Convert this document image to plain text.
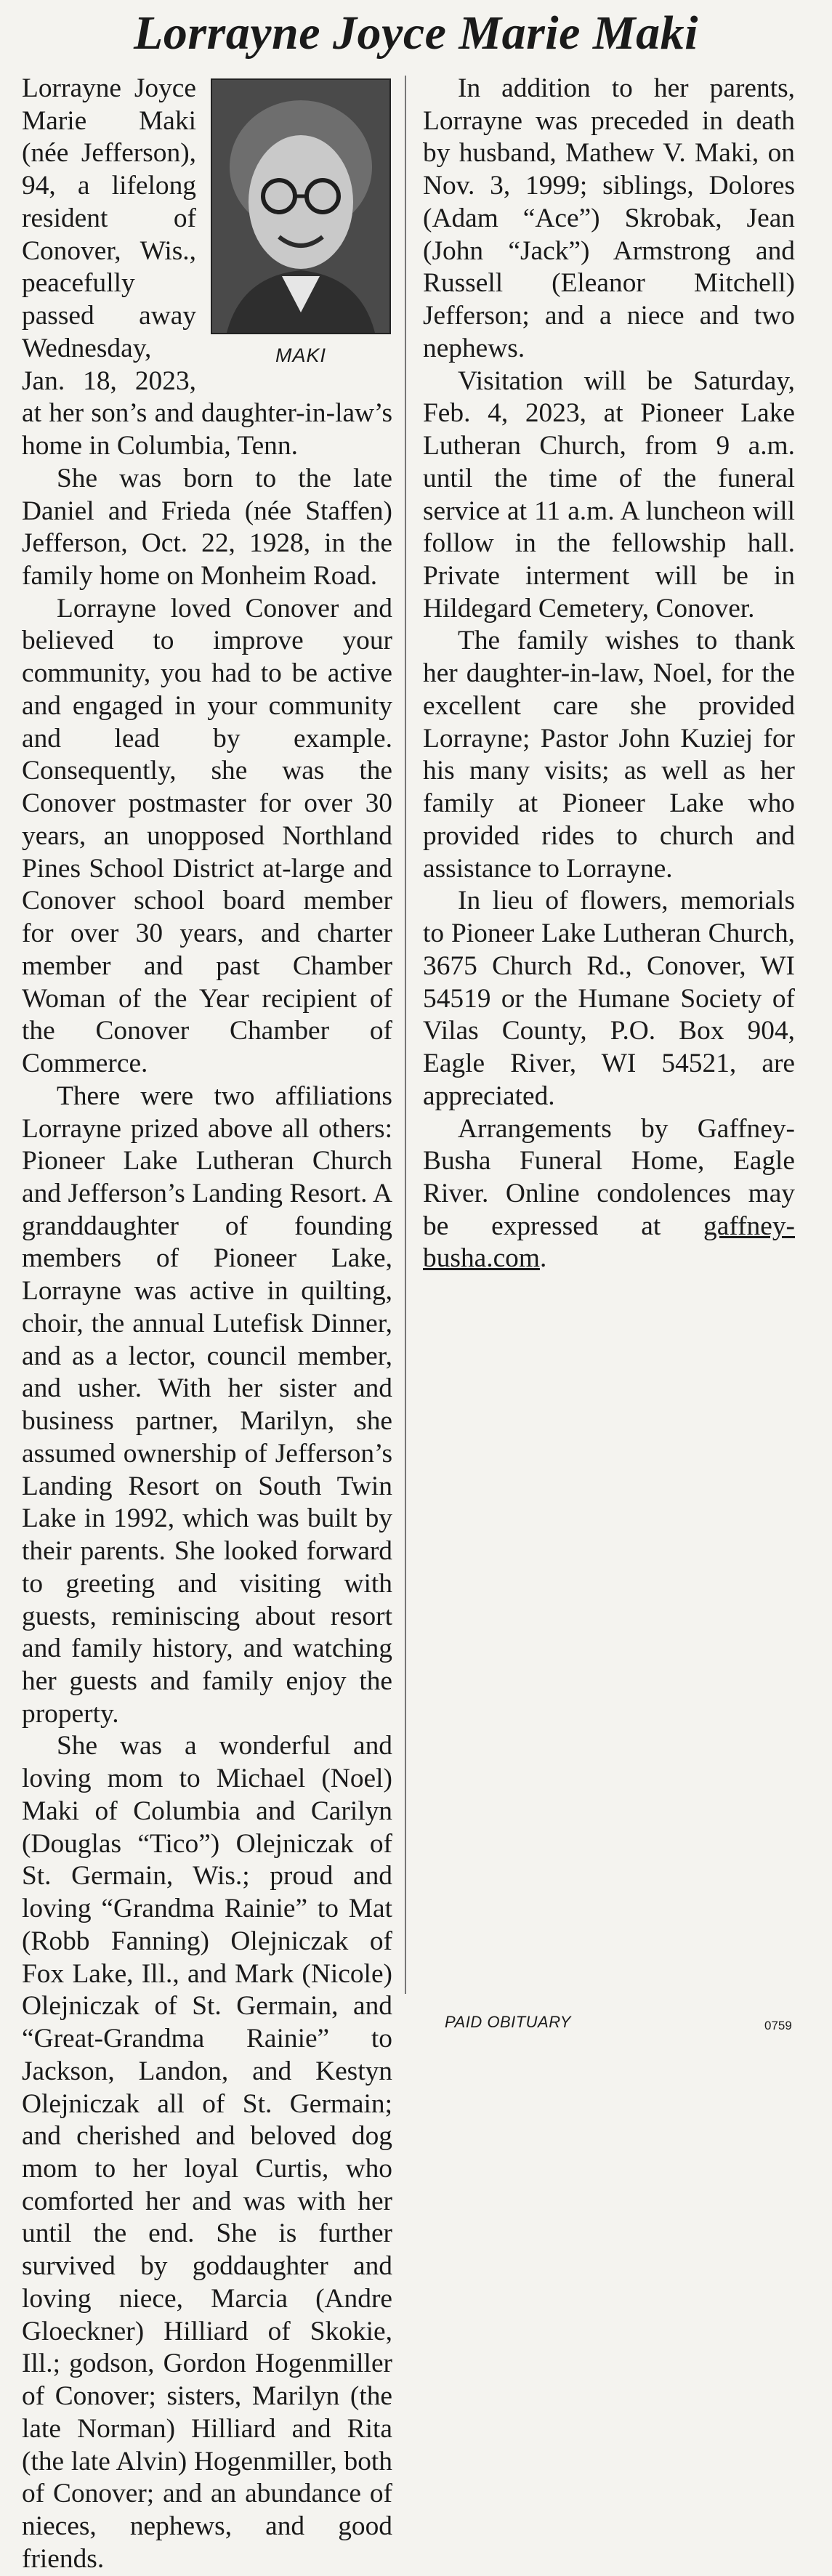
Lorrayne Joyce Marie Maki
MAKI

Lorrayne Joyce Marie Maki (née Jefferson), 94, a lifelong resident of Conover, Wis., peacefully passed away Wednesday, Jan. 18, 2023, at her son’s and daughter-in-law’s home in Columbia, Tenn.

She was born to the late Daniel and Frieda (née Staffen) Jefferson, Oct. 22, 1928, in the family home on Monheim Road.

Lorrayne loved Conover and believed to improve your community, you had to be active and engaged in your community and lead by example. Consequently, she was the Conover postmaster for over 30 years, an unopposed Northland Pines School District at-large and Conover school board member for over 30 years, and charter member and past Chamber Woman of the Year recipient of the Conover Chamber of Commerce.

There were two affiliations Lorrayne prized above all others: Pioneer Lake Lutheran Church and Jefferson’s Landing Resort. A granddaughter of founding members of Pioneer Lake, Lorrayne was active in quilting, choir, the annual Lutefisk Dinner, and as a lector, council member, and usher. With her sister and business partner, Marilyn, she assumed ownership of Jefferson’s Landing Resort on South Twin Lake in 1992, which was built by their parents. She looked forward to greeting and visiting with guests, reminiscing about resort and family history, and watching her guests and family enjoy the property.

She was a wonderful and loving mom to Michael (Noel) Maki of Columbia and Carilyn (Douglas “Tico”) Olejniczak of St. Germain, Wis.; proud and loving “Grandma Rainie” to Mat (Robb Fanning) Olejniczak of Fox Lake, Ill., and Mark (Nicole) Olejniczak of St. Germain, and “Great-Grandma Rainie” to Jackson, Landon, and Kestyn Olejniczak all of St. Germain; and cherished and beloved dog mom to her loyal Curtis, who comforted her and was with her until the end. She is further survived by goddaughter and loving niece, Marcia (Andre Gloeckner) Hilliard of Skokie, Ill.; godson, Gordon Hogenmiller of Conover; sisters, Marilyn (the late Norman) Hilliard and Rita (the late Alvin) Hogenmiller, both of Conover; and an abundance of nieces, nephews, and good friends.

In addition to her parents, Lorrayne was preceded in death by husband, Mathew V. Maki, on Nov. 3, 1999; siblings, Dolores (Adam “Ace”) Skrobak, Jean (John “Jack”) Armstrong and Russell (Eleanor Mitchell) Jefferson; and a niece and two nephews.

Visitation will be Saturday, Feb. 4, 2023, at Pioneer Lake Lutheran Church, from 9 a.m. until the time of the funeral service at 11 a.m. A luncheon will follow in the fellowship hall. Private interment will be in Hildegard Cemetery, Conover.

The family wishes to thank her daughter-in-law, Noel, for the excellent care she provided Lorrayne; Pastor John Kuziej for his many visits; as well as her family at Pioneer Lake who provided rides to church and assistance to Lorrayne.

In lieu of flowers, memorials to Pioneer Lake Lutheran Church, 3675 Church Rd., Conover, WI 54519 or the Humane Society of Vilas County, P.O. Box 904, Eagle River, WI 54521, are appreciated.

Arrangements by Gaffney-Busha Funeral Home, Eagle River. Online condolences may be expressed at gaffney-busha.com.

PAID OBITUARY	0759
